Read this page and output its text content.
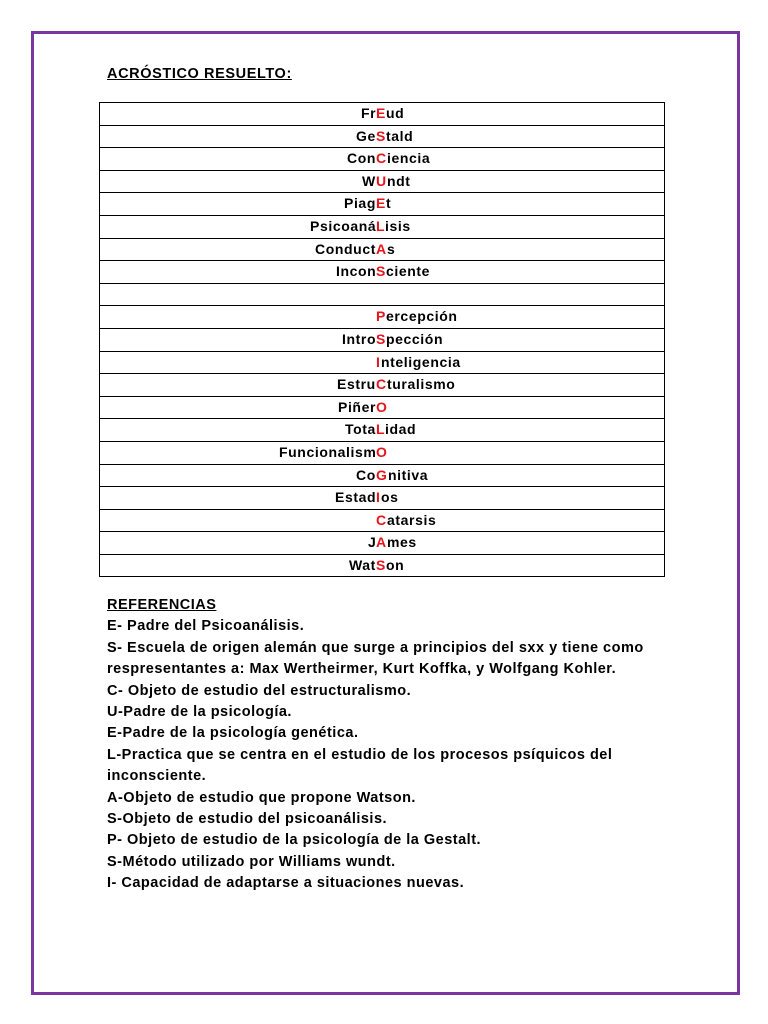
ACRÓSTICO RESUELTO:
Fr E ud

Ge S tald

Con C iencia

W U ndt

Piag E t

Psicoaná L isis

Conduct A s

Incon S ciente

P ercepción

Intro S pección

I nteligencia

Estru C turalismo

Piñer O

Tota L idad

Funcionalism O

Co G nitiva

Estad I os

C atarsis

J A mes

Wat S on
REFERENCIAS
E- Padre del Psicoanálisis.
S- Escuela de origen alemán que surge a principios del sxx y tiene como respresentantes a: Max Wertheirmer, Kurt Koffka, y Wolfgang Kohler.
C- Objeto de estudio del estructuralismo.
U-Padre de la psicología.
E-Padre de la psicología genética.
L-Practica que se centra en el estudio de los procesos psíquicos del inconsciente.
A-Objeto de estudio que propone Watson.
S-Objeto de estudio del psicoanálisis.
P- Objeto de estudio de la psicología de la Gestalt.
S-Método utilizado por Williams wundt.
I- Capacidad de adaptarse a situaciones nuevas.
